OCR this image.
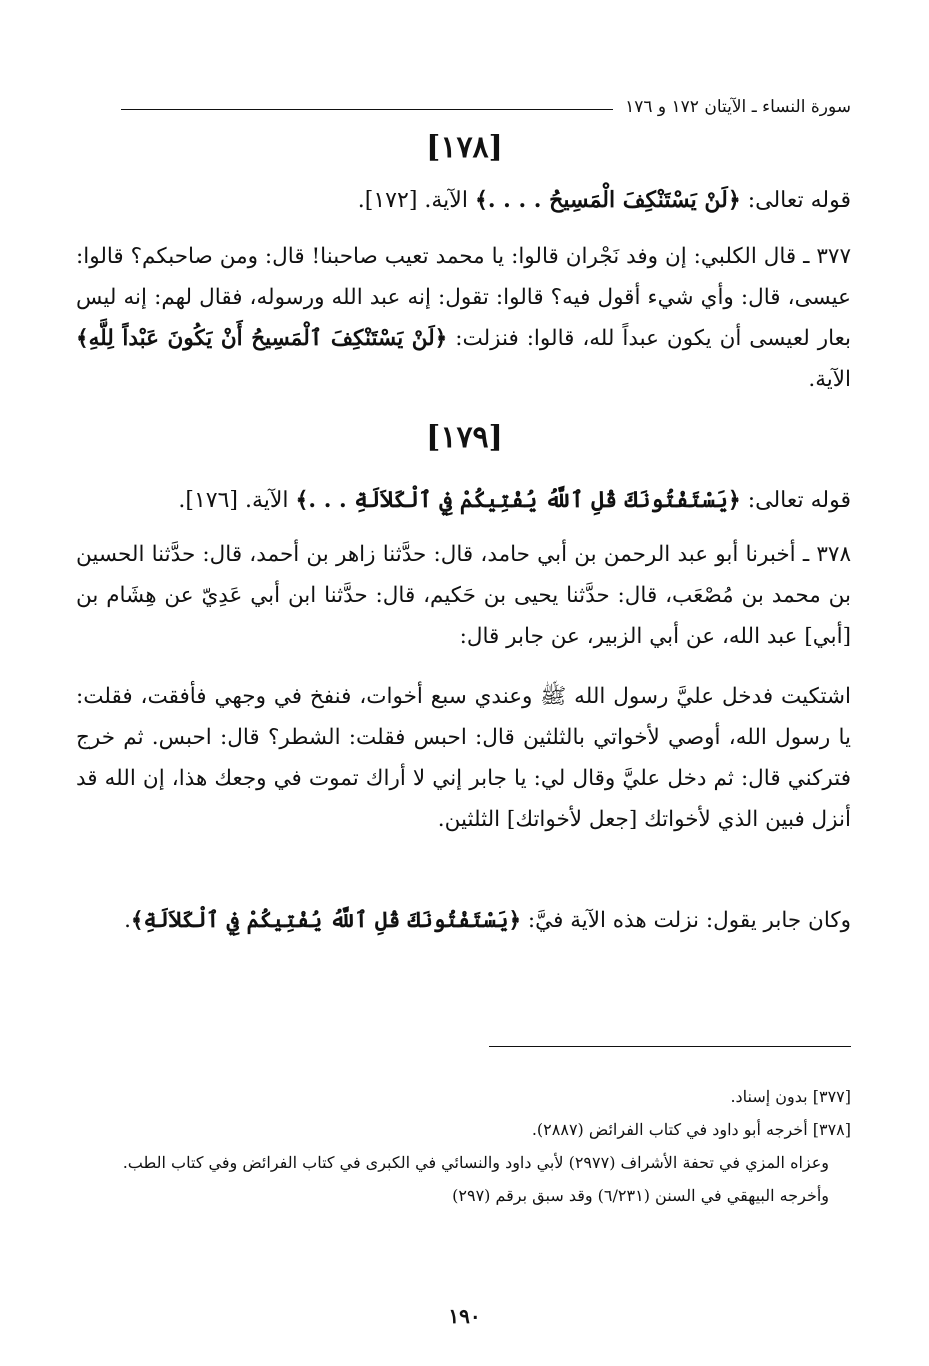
سورة النساء ـ الآيتان ١٧٢ و ١٧٦
[١٧٨]
قوله تعالى: ﴿لَنْ يَسْتَنْكِفَ الْمَسِيحُ . . . .﴾ الآية. [١٧٢].
٣٧٧ ـ قال الكلبي: إن وفد نَجْران قالوا: يا محمد تعيب صاحبنا! قال: ومن صاحبكم؟ قالوا: عيسى، قال: وأي شيء أقول فيه؟ قالوا: تقول: إنه عبد الله ورسوله، فقال لهم: إنه ليس بعار لعيسى أن يكون عبداً لله، قالوا: فنزلت: ﴿لَنْ يَسْتَنْكِفَ ٱلْمَسِيحُ أَنْ يَكُونَ عَبْداً لِلَّهِ﴾ الآية.
[١٧٩]
قوله تعالى: ﴿يَسْتَفْتُونَكَ قُلِ ٱللَّهُ يُفْتِيكُمْ فِي ٱلْكَلاَلَةِ . . .﴾ الآية. [١٧٦].
٣٧٨ ـ أخبرنا أبو عبد الرحمن بن أبي حامد، قال: حدَّثنا زاهر بن أحمد، قال: حدَّثنا الحسين بن محمد بن مُصْعَب، قال: حدَّثنا يحيى بن حَكيم، قال: حدَّثنا ابن أبي عَدِيّ عن هِشَام بن [أبي] عبد الله، عن أبي الزبير، عن جابر قال:
اشتكيت فدخل عليَّ رسول الله ﷺ وعندي سبع أخوات، فنفخ في وجهي فأفقت، فقلت: يا رسول الله، أوصي لأخواتي بالثلثين قال: احبس فقلت: الشطر؟ قال: احبس. ثم خرج فتركني قال: ثم دخل عليَّ وقال لي: يا جابر إني لا أراك تموت في وجعك هذا، إن الله قد أنزل فبين الذي لأخواتك [جعل لأخواتك] الثلثين.
وكان جابر يقول: نزلت هذه الآية فيَّ: ﴿يَسْتَفْتُونَكَ قُلِ ٱللَّهُ يُفْتِيكُمْ فِي ٱلْكَلاَلَةِ﴾.

[٣٧٧] بدون إسناد.

[٣٧٨] أخرجه أبو داود في كتاب الفرائض (٢٨٨٧).

وعزاه المزي في تحفة الأشراف (٢٩٧٧) لأبي داود والنسائي في الكبرى في كتاب الفرائض وفي كتاب الطب.

وأخرجه البيهقي في السنن (٦/٢٣١) وقد سبق برقم (٢٩٧)

١٩٠
